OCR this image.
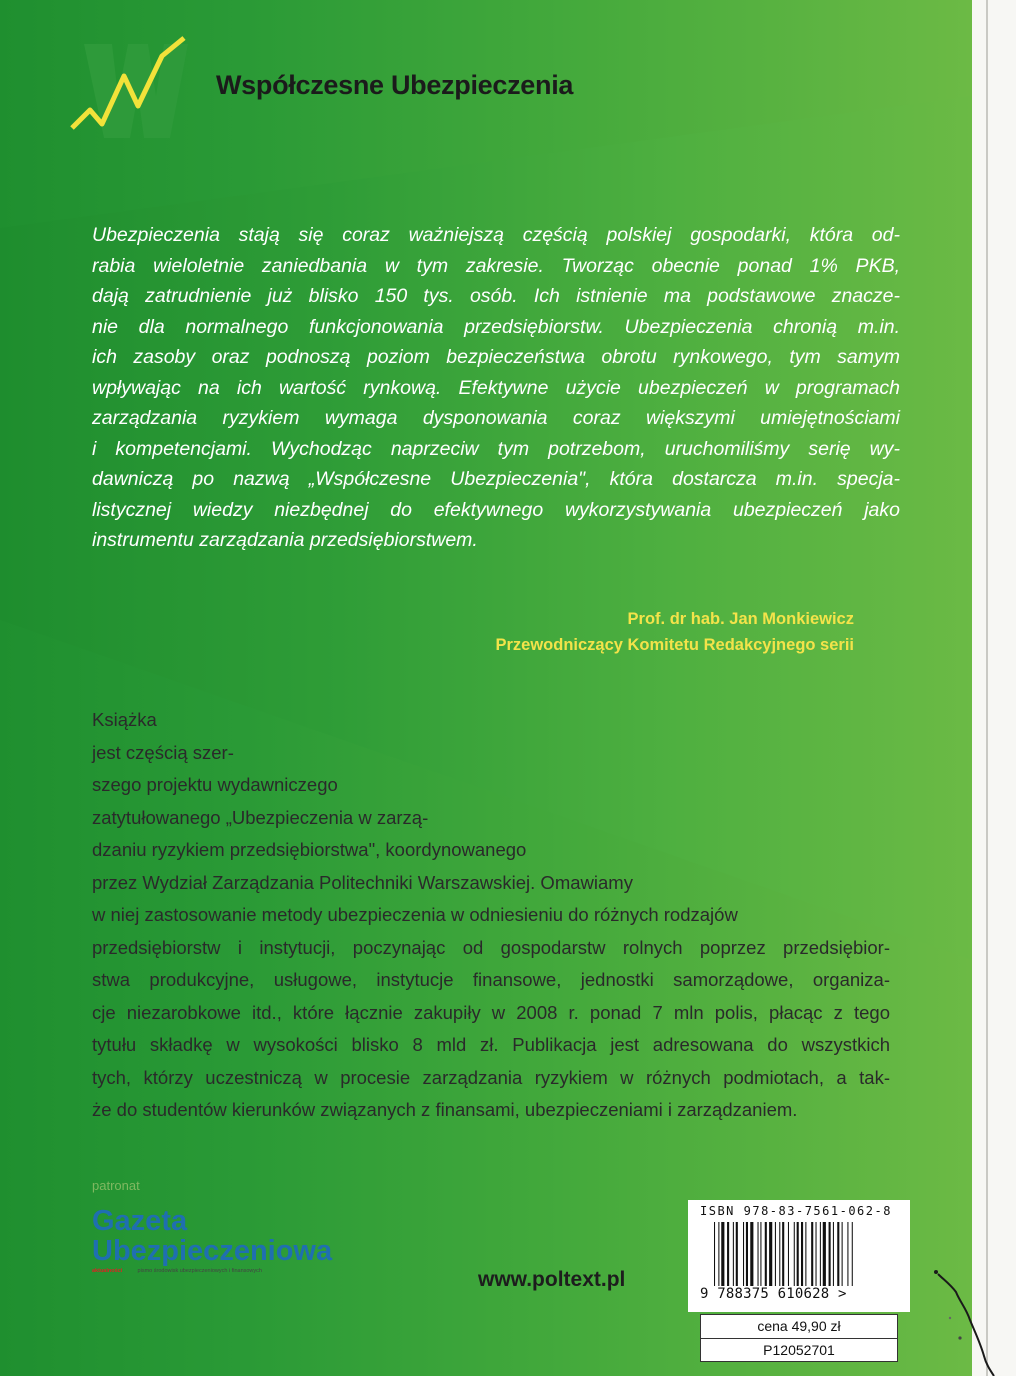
Współczesne Ubezpieczenia
Ubezpieczenia stają się coraz ważniejszą częścią polskiej gospodarki, która od-
rabia wieloletnie zaniedbania w tym zakresie. Tworząc obecnie ponad 1% PKB,
dają zatrudnienie już blisko 150 tys. osób. Ich istnienie ma podstawowe znacze-
nie dla normalnego funkcjonowania przedsiębiorstw. Ubezpieczenia chronią m.in.
ich zasoby oraz podnoszą poziom bezpieczeństwa obrotu rynkowego, tym samym
wpływając na ich wartość rynkową. Efektywne użycie ubezpieczeń w programach
zarządzania ryzykiem wymaga dysponowania coraz większymi umiejętnościami
i kompetencjami. Wychodząc naprzeciw tym potrzebom, uruchomiliśmy serię wy-
dawniczą po nazwą „Współczesne Ubezpieczenia", która dostarcza m.in. specja-
listycznej wiedzy niezbędnej do efektywnego wykorzystywania ubezpieczeń jako
instrumentu zarządzania przedsiębiorstwem.
Prof. dr hab. Jan Monkiewicz
Przewodniczący Komitetu Redakcyjnego serii
Książka
jest częścią szer-
szego projektu wydawniczego
zatytułowanego „Ubezpieczenia w zarzą-
dzaniu ryzykiem przedsiębiorstwa", koordynowanego
przez Wydział Zarządzania Politechniki Warszawskiej. Omawiamy
w niej zastosowanie metody ubezpieczenia w odniesieniu do różnych rodzajów
przedsiębiorstw i instytucji, poczynając od gospodarstw rolnych poprzez przedsiębior-
stwa produkcyjne, usługowe, instytucje finansowe, jednostki samorządowe, organiza-
cje niezarobkowe itd., które łącznie zakupiły w 2008 r. ponad 7 mln polis, płacąc z tego
tytułu składkę w wysokości blisko 8 mld zł. Publikacja jest adresowana do wszystkich
tych, którzy uczestniczą w procesie zarządzania ryzykiem w różnych podmiotach, a tak-
że do studentów kierunków związanych z finansami, ubezpieczeniami i zarządzaniem.
patronat
Gazeta
Ubezpieczeniowa
aktualności	pismo środowisk ubezpieczeniowych i finansowych	www.poltext.pl
ISBN 978-83-7561-062-8
9 788375 610628 >
cena 49,90 zł
P12052701
